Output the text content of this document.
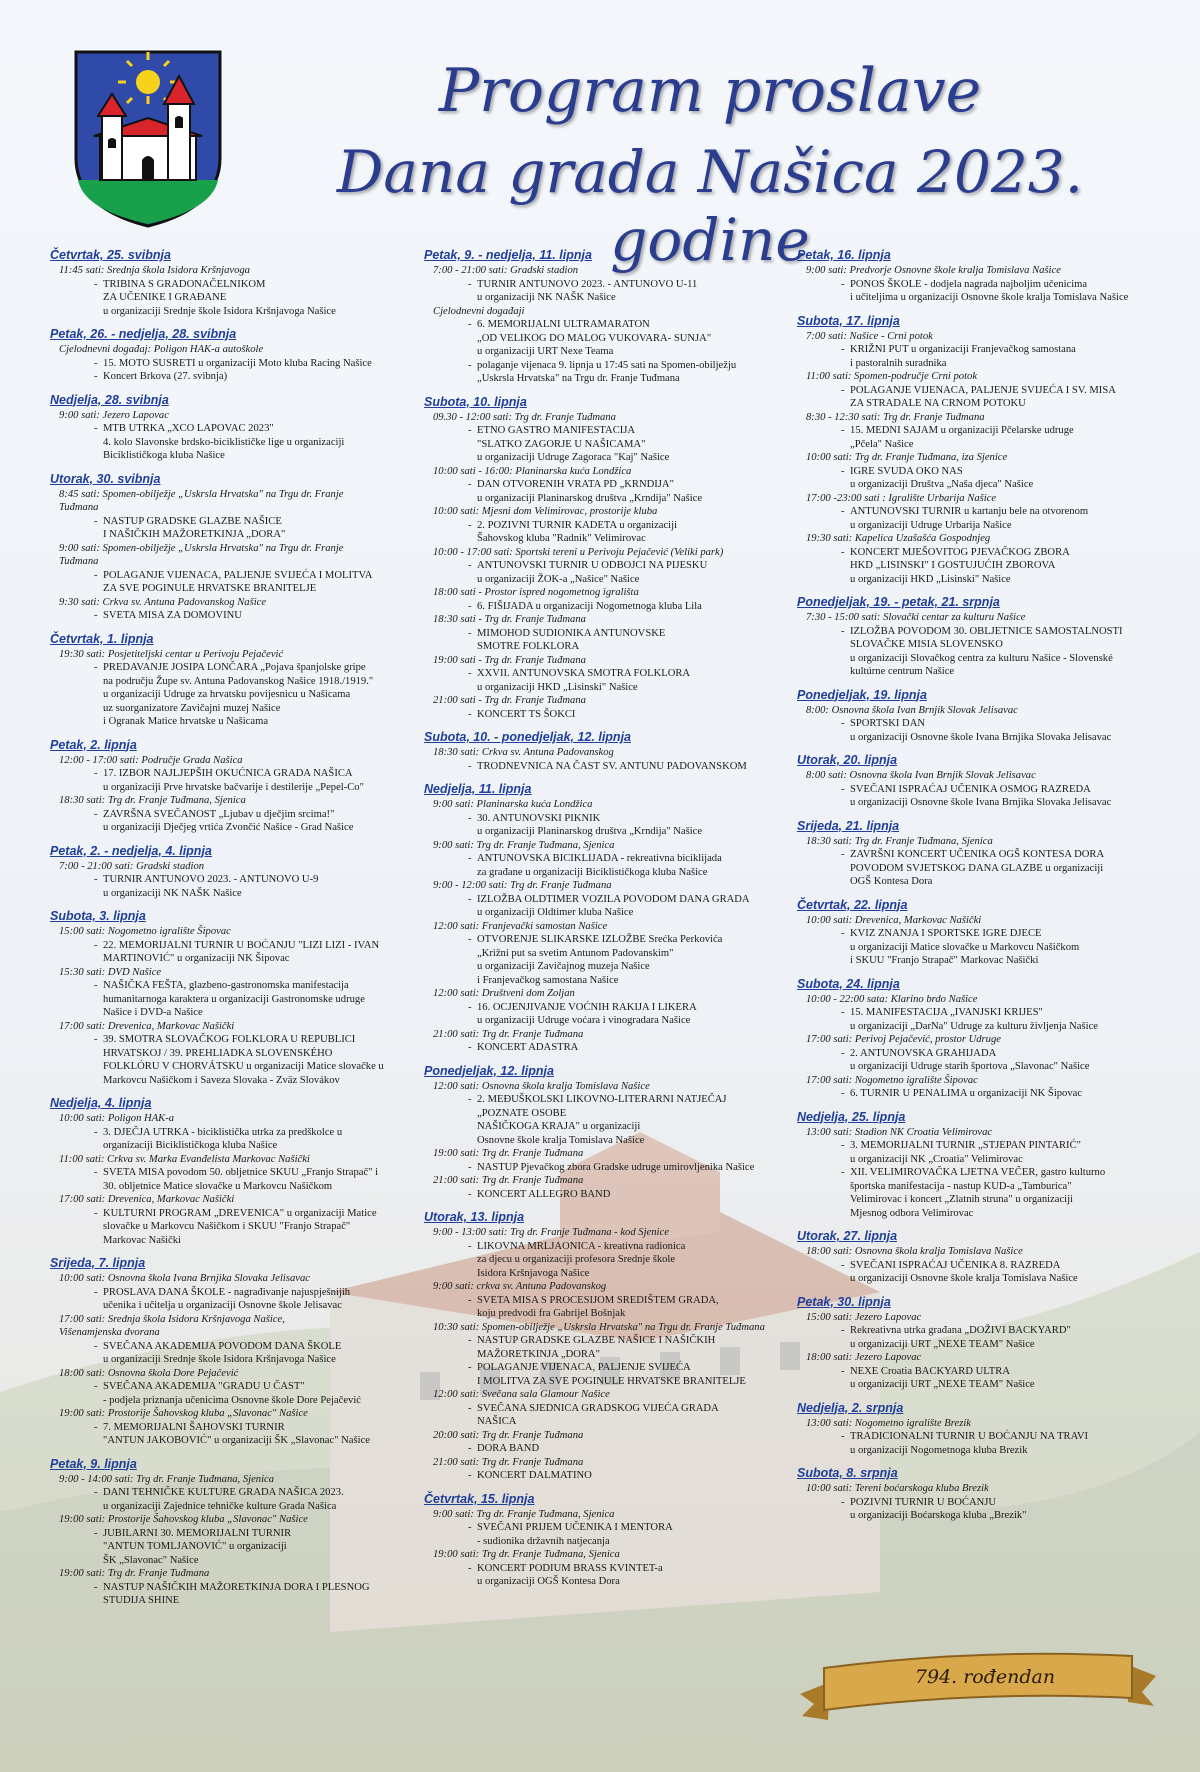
Program proslave
Dana grada Našica 2023. godine
Četvrtak, 25. svibnja
11:45 sati: Srednja škola Isidora Kršnjavoga
- TRIBINA S GRADONAČELNIKOM
ZA UČENIKE I GRAĐANE
u organizaciji Srednje škole Isidora Kršnjavoga Našice
Petak, 26. - nedjelja, 28. svibnja
Cjelodnevni događaj: Poligon HAK-a autoškole
- 15. MOTO SUSRETI u organizaciji Moto kluba Racing Našice
- Koncert Brkova (27. svibnja)
Nedjelja, 28. svibnja
9:00 sati: Jezero Lapovac
- MTB UTRKA „XCO LAPOVAC 2023"
4. kolo Slavonske brdsko-biciklističke lige u organizaciji
Biciklističkoga kluba Našice
Utorak, 30. svibnja
8:45 sati: Spomen-obilježje „Uskrsla Hrvatska" na Trgu dr. Franje
Tuđmana
- NASTUP GRADSKE GLAZBE NAŠICE
I NAŠIČKIH MAŽORETKINJA „DORA"
9:00 sati: Spomen-obilježje „Uskrsla Hrvatska" na Trgu dr. Franje
Tuđmana
- POLAGANJE VIJENACA, PALJENJE SVIJEĆA I MOLITVA
ZA SVE POGINULE HRVATSKE BRANITELJE
9:30 sati: Crkva sv. Antuna Padovanskog Našice
- SVETA MISA ZA DOMOVINU
Četvrtak, 1. lipnja
19:30 sati: Posjetiteljski centar u Perivoju Pejačević
- PREDAVANJE JOSIPA LONČARA „Pojava španjolske gripe
na području Župe sv. Antuna Padovanskog Našice 1918./1919."
u organizaciji Udruge za hrvatsku povijesnicu u Našicama
uz suorganizatore Zavičajni muzej Našice
i Ogranak Matice hrvatske u Našicama
Petak, 2. lipnja
12:00 - 17:00 sati: Područje Grada Našica
- 17. IZBOR NAJLJEPŠIH OKUĆNICA GRADA NAŠICA
u organizaciji Prve hrvatske bačvarije i destilerije „Pepel-Co"
18:30 sati: Trg dr. Franje Tuđmana, Sjenica
- ZAVRŠNA SVEČANOST „Ljubav u dječjim srcima!"
u organizaciji Dječjeg vrtića Zvončić Našice - Grad Našice
Petak, 2. - nedjelja, 4. lipnja
7:00 - 21:00 sati: Gradski stadion
- TURNIR ANTUNOVO 2023. - ANTUNOVO U-9
u organizaciji NK NAŠK Našice
Subota, 3. lipnja
15:00 sati: Nogometno igralište Šipovac
- 22. MEMORIJALNI TURNIR U BOĆANJU "LIZI LIZI - IVAN
MARTINOVIĆ" u organizaciji NK Šipovac
15:30 sati: DVD Našice
- NAŠIČKA FEŠTA, glazbeno-gastronomska manifestacija
humanitarnoga karaktera u organizaciji Gastronomske udruge
Našice i DVD-a Našice
17:00 sati: Drevenica, Markovac Našički
- 39. SMOTRA SLOVAČKOG FOLKLORA U REPUBLICI
HRVATSKOJ / 39. PREHLIADKA SLOVENSKÉHO
FOLKLÓRU V CHORVÁTSKU u organizaciji Matice slovačke u
Markovcu Našičkom i Saveza Slovaka - Zväz Slovákov
Nedjelja, 4. lipnja
10:00 sati: Poligon HAK-a
- 3. DJEČJA UTRKA - biciklistička utrka za predškolce u
organizaciji Biciklističkoga kluba Našice
11:00 sati: Crkva sv. Marka Evanđelista Markovac Našički
- SVETA MISA povodom 50. obljetnice SKUU „Franjo Strapač" i
30. obljetnice Matice slovačke u Markovcu Našičkom
17:00 sati: Drevenica, Markovac Našički
- KULTURNI PROGRAM „DREVENICA" u organizaciji Matice
slovačke u Markovcu Našičkom i SKUU "Franjo Strapač"
Markovac Našički
Srijeda, 7. lipnja
10:00 sati: Osnovna škola Ivana Brnjika Slovaka Jelisavac
- PROSLAVA DANA ŠKOLE - nagrađivanje najuspješnijih
učenika i učitelja u organizaciji Osnovne škole Jelisavac
17:00 sati: Srednja škola Isidora Kršnjavoga Našice,
Višenamjenska dvorana
- SVEČANA AKADEMIJA POVODOM DANA ŠKOLE
u organizaciji Srednje škole Isidora Kršnjavoga Našice
18:00 sati: Osnovna škola Dore Pejačević
- SVEČANA AKADEMIJA "GRADU U ČAST"
- podjela priznanja učenicima Osnovne škole Dore Pejačević
19:00 sati: Prostorije Šahovskog kluba „Slavonac" Našice
- 7. MEMORIJALNI ŠAHOVSKI TURNIR
"ANTUN JAKOBOVIĆ" u organizaciji ŠK „Slavonac" Našice
Petak, 9. lipnja
9:00 - 14:00 sati: Trg dr. Franje Tuđmana, Sjenica
- DANI TEHNIČKE KULTURE GRADA NAŠICA 2023.
u organizaciji Zajednice tehničke kulture Grada Našica
19:00 sati: Prostorije Šahovskog kluba „Slavonac" Našice
- JUBILARNI 30. MEMORIJALNI TURNIR
"ANTUN TOMLJANOVIĆ" u organizaciji
ŠK „Slavonac" Našice
19:00 sati: Trg dr. Franje Tuđmana
- NASTUP NAŠIČKIH MAŽORETKINJA DORA I PLESNOG
STUDIJA SHINE
Petak, 9. - nedjelja, 11. lipnja
7:00 - 21:00 sati: Gradski stadion
- TURNIR ANTUNOVO 2023. - ANTUNOVO U-11
u organizaciji NK NAŠK Našice
Cjelodnevni događaji
- 6. MEMORIJALNI ULTRAMARATON
„OD VELIKOG DO MALOG VUKOVARA- SUNJA"
u organizaciji URT Nexe Teama
- polaganje vijenaca 9. lipnja u 17:45 sati na Spomen-obilježju
„Uskrsla Hrvatska" na Trgu dr. Franje Tuđmana
Subota, 10. lipnja
09.30 - 12:00 sati: Trg dr. Franje Tuđmana
- ETNO GASTRO MANIFESTACIJA
"SLATKO ZAGORJE U NAŠICAMA"
u organizaciji Udruge Zagoraca "Kaj" Našice
10:00 sati - 16:00: Planinarska kuća Londžica
- DAN OTVORENIH VRATA PD „KRNDIJA"
u organizaciji Planinarskog društva „Krndija" Našice
10:00 sati: Mjesni dom Velimirovac, prostorije kluba
- 2. POZIVNI TURNIR KADETA u organizaciji
Šahovskog kluba "Radnik" Velimirovac
10:00 - 17:00 sati: Sportski tereni u Perivoju Pejačević (Veliki park)
- ANTUNOVSKI TURNIR U ODBOJCI NA PIJESKU
u organizaciji ŽOK-a „Našice" Našice
18:00 sati - Prostor ispred nogometnog igrališta
- 6. FIŠIJADA u organizaciji Nogometnoga kluba Lila
18:30 sati - Trg dr. Franje Tuđmana
- MIMOHOD SUDIONIKA ANTUNOVSKE
SMOTRE FOLKLORA
19:00 sati - Trg dr. Franje Tuđmana
- XXVII. ANTUNOVSKA SMOTRA FOLKLORA
u organizaciji HKD „Lisinski" Našice
21:00 sati - Trg dr. Franje Tuđmana
- KONCERT TS ŠOKCI
Subota, 10. - ponedjeljak, 12. lipnja
18:30 sati: Crkva sv. Antuna Padovanskog
- TRODNEVNICA NA ČAST SV. ANTUNU PADOVANSKOM
Nedjelja, 11. lipnja
9:00 sati: Planinarska kuća Londžica
- 30. ANTUNOVSKI PIKNIK
u organizaciji Planinarskog društva „Krndija" Našice
9:00 sati: Trg dr. Franje Tuđmana, Sjenica
- ANTUNOVSKA BICIKLIJADA - rekreativna biciklijada
za građane u organizaciji Biciklističkoga kluba Našice
9:00 - 12:00 sati: Trg dr. Franje Tuđmana
- IZLOŽBA OLDTIMER VOZILA POVODOM DANA GRADA
u organizaciji Oldtimer kluba Našice
12:00 sati: Franjevački samostan Našice
- OTVORENJE SLIKARSKE IZLOŽBE Srećka Perkovića
„Križni put sa svetim Antunom Padovanskim"
u organizaciji Zavičajnog muzeja Našice
i Franjevačkog samostana Našice
12:00 sati: Društveni dom Zoljan
- 16. OCJENJIVANJE VOĆNIH RAKIJA I LIKERA
u organizaciji Udruge voćara i vinogradara Našice
21:00 sati: Trg dr. Franje Tuđmana
- KONCERT ADASTRA
Ponedjeljak, 12. lipnja
12:00 sati: Osnovna škola kralja Tomislava Našice
- 2. MEĐUŠKOLSKI LIKOVNO-LITERARNI NATJEČAJ
„POZNATE OSOBE
NAŠIČKOGA KRAJA" u organizaciji
Osnovne škole kralja Tomislava Našice
19:00 sati: Trg dr. Franje Tuđmana
- NASTUP Pjevačkog zbora Gradske udruge umirovljenika Našice
21:00 sati: Trg dr. Franje Tuđmana
- KONCERT ALLEGRO BAND
Utorak, 13. lipnja
9:00 - 13:00 sati: Trg dr. Franje Tuđmana - kod Sjenice
- LIKOVNA MRLJAONICA - kreativna radionica
za djecu u organizaciji profesora Srednje škole
Isidora Kršnjavoga Našice
9:00 sati: crkva sv. Antuna Padovanskog
- SVETA MISA S PROCESIJOM SREDIŠTEM GRADA,
koju predvodi fra Gabrijel Bošnjak
10:30 sati: Spomen-obilježje „Uskrsla Hrvatska" na Trgu dr. Franje Tuđmana
- NASTUP GRADSKE GLAZBE NAŠICE I NAŠIČKIH
MAŽORETKINJA „DORA"
- POLAGANJE VIJENACA, PALJENJE SVIJEĆA
I MOLITVA ZA SVE POGINULE HRVATSKE BRANITELJE
12:00 sati: Svečana sala Glamour Našice
- SVEČANA SJEDNICA GRADSKOG VIJEĆA GRADA
NAŠICA
20:00 sati: Trg dr. Franje Tuđmana
- DORA BAND
21:00 sati: Trg dr. Franje Tuđmana
- KONCERT DALMATINO
Četvrtak, 15. lipnja
9:00 sati: Trg dr. Franje Tuđmana, Sjenica
- SVEČANI PRIJEM UČENIKA I MENTORA
- sudionika državnih natjecanja
19:00 sati: Trg dr. Franje Tuđmana, Sjenica
- KONCERT PODIUM BRASS KVINTET-a
u organizaciji OGŠ Kontesa Dora
Petak, 16. lipnja
9:00 sati: Predvorje Osnovne škole kralja Tomislava Našice
- PONOS ŠKOLE - dodjela nagrada najboljim učenicima
i učiteljima u organizaciji Osnovne škole kralja Tomislava Našice
Subota, 17. lipnja
7:00 sati: Našice - Crni potok
- KRIŽNI PUT u organizaciji Franjevačkog samostana
i pastoralnih suradnika
11:00 sati: Spomen-područje Crni potok
- POLAGANJE VIJENACA, PALJENJE SVIJEĆA I SV. MISA
ZA STRADALE NA CRNOM POTOKU
8:30 - 12:30 sati: Trg dr. Franje Tuđmana
- 15. MEDNI SAJAM u organizaciji Pčelarske udruge
„Pčela" Našice
10:00 sati: Trg dr. Franje Tuđmana, iza Sjenice
- IGRE SVUDA OKO NAS
u organizaciji Društva „Naša djeca" Našice
17:00 -23:00 sati : Igralište Urbarija Našice
- ANTUNOVSKI TURNIR u kartanju bele na otvorenom
u organizaciji Udruge Urbarija Našice
19:30 sati: Kapelica Uzašašća Gospodnjeg
- KONCERT MJEŠOVITOG PJEVAČKOG ZBORA
HKD „LISINSKI" I GOSTUJUĆIH ZBOROVA
u organizaciji HKD „Lisinski" Našice
Ponedjeljak, 19. - petak, 21. srpnja
7:30 - 15:00 sati: Slovački centar za kulturu Našice
- IZLOŽBA POVODOM 30. OBLJETNICE SAMOSTALNOSTI
SLOVAČKE MISIA SLOVENSKO
u organizaciji Slovačkog centra za kulturu Našice - Slovenské
kultúrne centrum Našice
Ponedjeljak, 19. lipnja
8:00: Osnovna škola Ivan Brnjik Slovak Jelisavac
- SPORTSKI DAN
u organizaciji Osnovne škole Ivana Brnjika Slovaka Jelisavac
Utorak, 20. lipnja
8:00 sati: Osnovna škola Ivan Brnjik Slovak Jelisavac
- SVEČANI ISPRAĆAJ UČENIKA OSMOG RAZREDA
u organizaciji Osnovne škole Ivana Brnjika Slovaka Jelisavac
Srijeda, 21. lipnja
18:30 sati: Trg dr. Franje Tuđmana, Sjenica
- ZAVRŠNI KONCERT UČENIKA OGŠ KONTESA DORA
POVODOM SVJETSKOG DANA GLAZBE u organizaciji
OGŠ Kontesa Dora
Četvrtak, 22. lipnja
10:00 sati: Drevenica, Markovac Našički
- KVIZ ZNANJA I SPORTSKE IGRE DJECE
u organizaciji Matice slovačke u Markovcu Našičkom
i SKUU "Franjo Strapač" Markovac Našički
Subota, 24. lipnja
10:00 - 22:00 sata: Klarino brdo Našice
- 15. MANIFESTACIJA „IVANJSKI KRIJES"
u organizaciji „DarNa" Udruge za kulturu življenja Našice
17:00 sati: Perivoj Pejačević, prostor Udruge
- 2. ANTUNOVSKA GRAHIJADA
u organizaciji Udruge starih športova „Slavonac" Našice
17:00 sati: Nogometno igralište Šipovac
- 6. TURNIR U PENALIMA u organizaciji NK Šipovac
Nedjelja, 25. lipnja
13:00 sati: Stadion NK Croatia Velimirovac
- 3. MEMORIJALNI TURNIR „STJEPAN PINTARIĆ"
u organizaciji NK „Croatia" Velimirovac
- XII. VELIMIROVAČKA LJETNA VEČER, gastro kulturno
športska manifestacija - nastup KUD-a „Tamburica"
Velimirovac i koncert „Zlatnih struna" u organizaciji
Mjesnog odbora Velimirovac
Utorak, 27. lipnja
18:00 sati: Osnovna škola kralja Tomislava Našice
- SVEČANI ISPRAĆAJ UČENIKA 8. RAZREDA
u organizaciji Osnovne škole kralja Tomislava Našice
Petak, 30. lipnja
15:00 sati: Jezero Lapovac
- Rekreativna utrka građana „DOŽIVI BACKYARD"
u organizaciji URT „NEXE TEAM" Našice
18:00 sati: Jezero Lapovac
- NEXE Croatia BACKYARD ULTRA
u organizaciji URT „NEXE TEAM" Našice
Nedjelja, 2. srpnja
13:00 sati: Nogometno igralište Brezik
- TRADICIONALNI TURNIR U BOĆANJU NA TRAVI
u organizaciji Nogometnoga kluba Brezik
Subota, 8. srpnja
10:00 sati: Tereni boćarskoga kluba Brezik
- POZIVNI TURNIR U BOĆANJU
u organizaciji Boćarskoga kluba „Brezik"
794. rođendan
